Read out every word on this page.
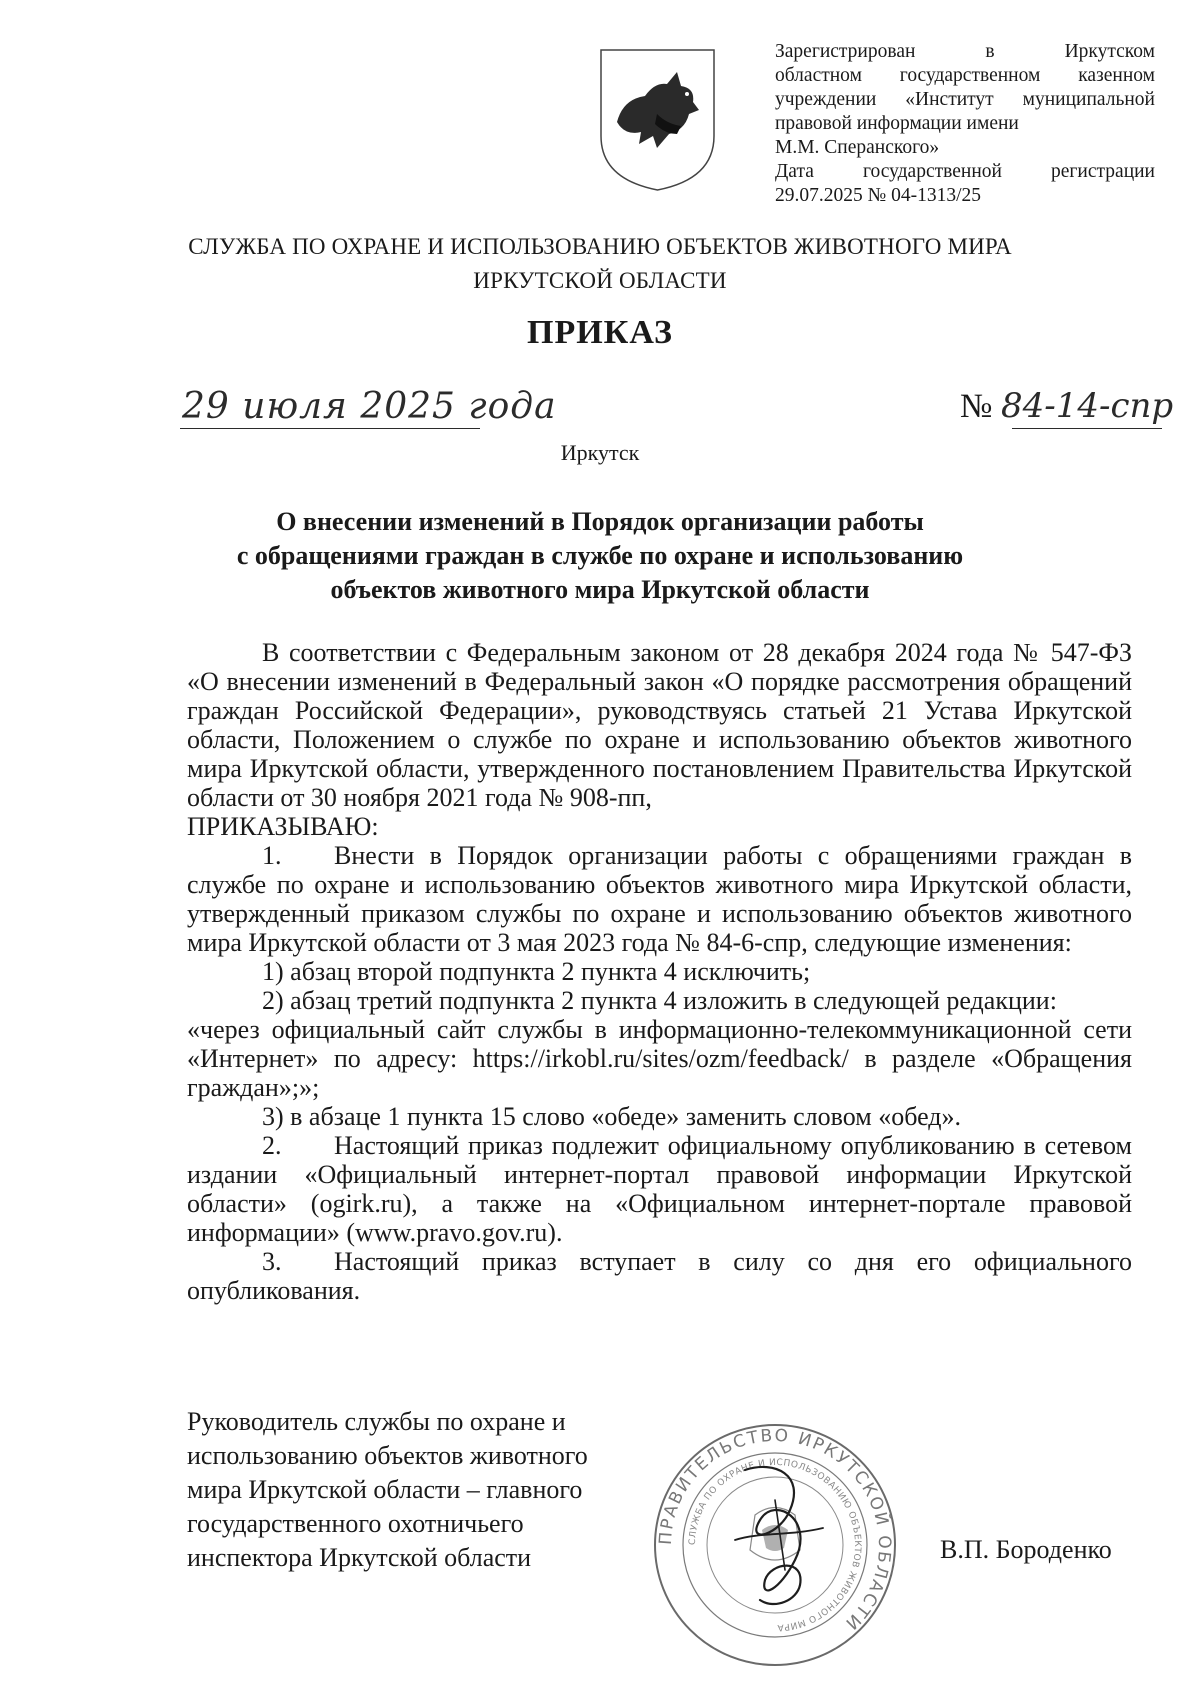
Зарегистрирован в Иркутском
областном государственном казенном
учреждении «Институт муниципальной
правовой информации имени
М.М. Сперанского»
Дата государственной регистрации
29.07.2025 № 04-1313/25
СЛУЖБА ПО ОХРАНЕ И ИСПОЛЬЗОВАНИЮ ОБЪЕКТОВ ЖИВОТНОГО МИРА
ИРКУТСКОЙ ОБЛАСТИ
ПРИКАЗ
29 июля 2025 года	№ 84-14-спр
Иркутск
О внесении изменений в Порядок организации работы
с обращениями граждан в службе по охране и использованию
объектов животного мира Иркутской области

В соответствии с Федеральным законом от 28 декабря 2024 года № 547-ФЗ «О внесении изменений в Федеральный закон «О порядке рассмотрения обращений граждан Российской Федерации», руководствуясь статьей 21 Устава Иркутской области, Положением о службе по охране и использованию объектов животного мира Иркутской области, утвержденного постановлением Правительства Иркутской области от 30 ноября 2021 года № 908-пп,

ПРИКАЗЫВАЮ:

1. Внести в Порядок организации работы с обращениями граждан в службе по охране и использованию объектов животного мира Иркутской области, утвержденный приказом службы по охране и использованию объектов животного мира Иркутской области от 3 мая 2023 года № 84-6-спр, следующие изменения:

1) абзац второй подпункта 2 пункта 4 исключить;

2) абзац третий подпункта 2 пункта 4 изложить в следующей редакции:

«через официальный сайт службы в информационно-телекоммуникационной сети «Интернет» по адресу: https://irkobl.ru/sites/ozm/feedback/ в разделе «Обращения граждан»;»;

3) в абзаце 1 пункта 15 слово «обеде» заменить словом «обед».

2. Настоящий приказ подлежит официальному опубликованию в сетевом издании «Официальный интернет-портал правовой информации Иркутской области» (ogirk.ru), а также на «Официальном интернет-портале правовой информации» (www.pravo.gov.ru).

3. Настоящий приказ вступает в силу со дня его официального опубликования.

Руководитель службы по охране и
использованию объектов животного
мира Иркутской области – главного
государственного охотничьего
инспектора Иркутской области	В.П. Бороденко
ПРАВИТЕЛЬСТВО ИРКУТСКОЙ ОБЛАСТИ
СЛУЖБА ПО ОХРАНЕ И ИСПОЛЬЗОВАНИЮ ОБЪЕКТОВ ЖИВОТНОГО МИРА
